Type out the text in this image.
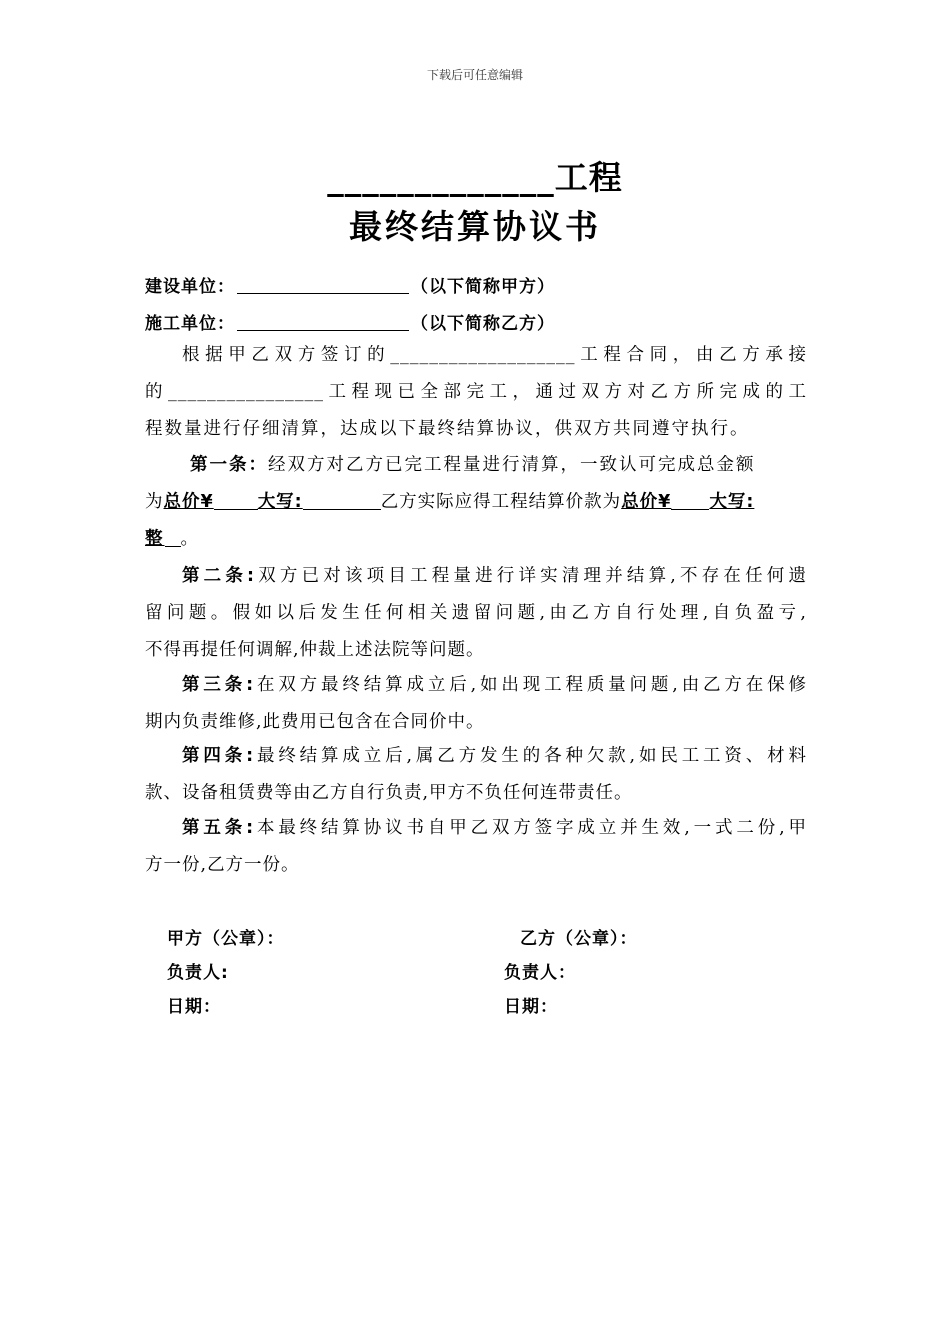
下载后可任意编辑
_____________工程
最终结算协议书
建设单位：	（以下简称甲方）
施工单位：	（以下简称乙方）
根据甲乙双方签订的___________________工程合同，由乙方承接
的________________工程现已全部完工，通过双方对乙方所完成的工
程数量进行仔细清算，达成以下最终结算协议，供双方共同遵守执行。
第一条：经双方对乙方已完工程量进行清算，一致认可完成总金额
为总价¥	大写:	乙方实际应得工程结算价款为总价¥ 大写:
整 。
第二条:双方已对该项目工程量进行详实清理并结算,不存在任何遗
留问题。假如以后发生任何相关遗留问题,由乙方自行处理,自负盈亏,
不得再提任何调解,仲裁上述法院等问题。
第三条:在双方最终结算成立后,如出现工程质量问题,由乙方在保修
期内负责维修,此费用已包含在合同价中。
第四条:最终结算成立后,属乙方发生的各种欠款,如民工工资、材料
款、设备租赁费等由乙方自行负责,甲方不负任何连带责任。
第五条:本最终结算协议书自甲乙双方签字成立并生效,一式二份,甲
方一份,乙方一份。
甲方（公章）：	乙方（公章）：
负责人:	负责人：
日期：	日期：
